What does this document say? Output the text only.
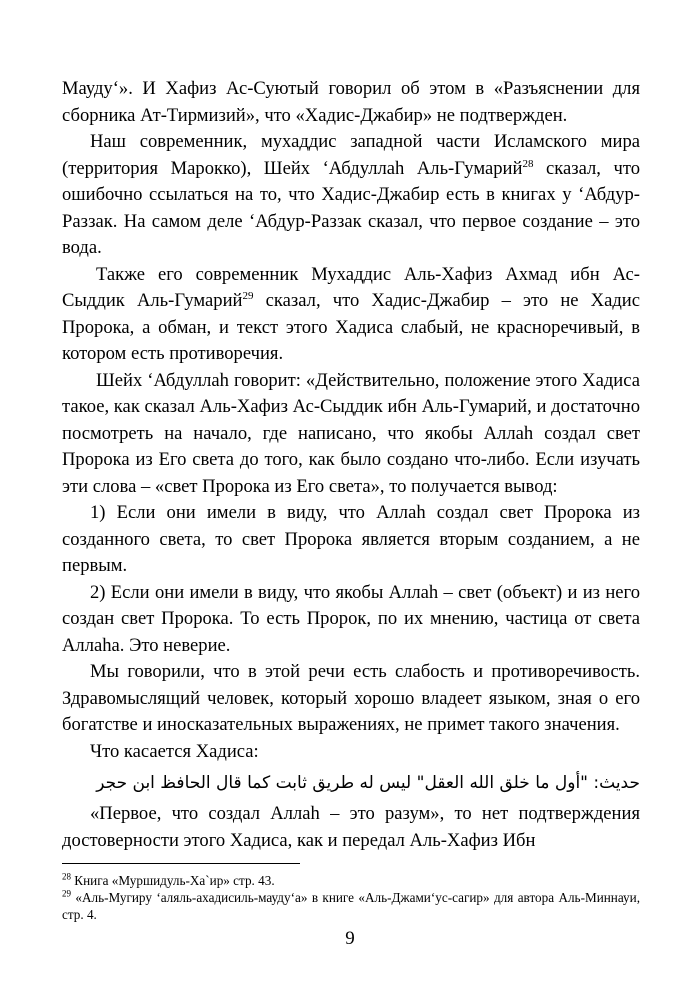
Мауду‘». И Хафиз Ас-Суютый говорил об этом в «Разъяснении для сборника Ат-Тирмизий», что «Хадис-Джабир» не подтвержден.

Наш современник, мухаддис западной части Исламского мира (территория Марокко), Шейх ‘Абдуллаh Аль-Гумарий$^{28}$ сказал, что ошибочно ссылаться на то, что Хадис-Джабир есть в книгах у ‘Абдур-Раззак. На самом деле ‘Абдур-Раззак сказал, что первое создание – это вода.

Также его современник Мухаддис Аль-Хафиз Ахмад ибн Ас-Сыддик Аль-Гумарий$^{29}$ сказал, что Хадис-Джабир – это не Хадис Пророка, а обман, и текст этого Хадиса слабый, не красноречивый, в котором есть противоречия.

Шейх ‘Абдуллаh говорит: «Действительно, положение этого Хадиса такое, как сказал Аль-Хафиз Ас-Сыддик ибн Аль-Гумарий, и достаточно посмотреть на начало, где написано, что якобы Аллаh создал свет Пророка из Его света до того, как было создано что-либо. Если изучать эти слова – «свет Пророка из Его света», то получается вывод:

1) Если они имели в виду, что Аллаh создал свет Пророка из созданного света, то свет Пророка является вторым созданием, а не первым.

2) Если они имели в виду, что якобы Аллаh – свет (объект) и из него создан свет Пророка. То есть Пророк, по их мнению, частица от света Аллаhа. Это неверие.

Мы говорили, что в этой речи есть слабость и противоречивость. Здравомыслящий человек, который хорошо владеет языком, зная о его богатстве и иносказательных выражениях, не примет такого значения.

Что касается Хадиса:

حديث: "أول ما خلق الله العقل" ليس له طريق ثابت كما قال الحافظ ابن حجر

«Первое, что создал Аллаh – это разум», то нет подтверждения достоверности этого Хадиса, как и передал Аль-Хафиз Ибн

$^{28}$ Книга «Муршидуль-Ха`ир» стр. 43.

$^{29}$ «Аль-Мугиру ‘аляль-ахадисиль-мауду‘а» в книге «Аль-Джами‘ус-сагир» для автора Аль-Миннауи, стр. 4.

9
